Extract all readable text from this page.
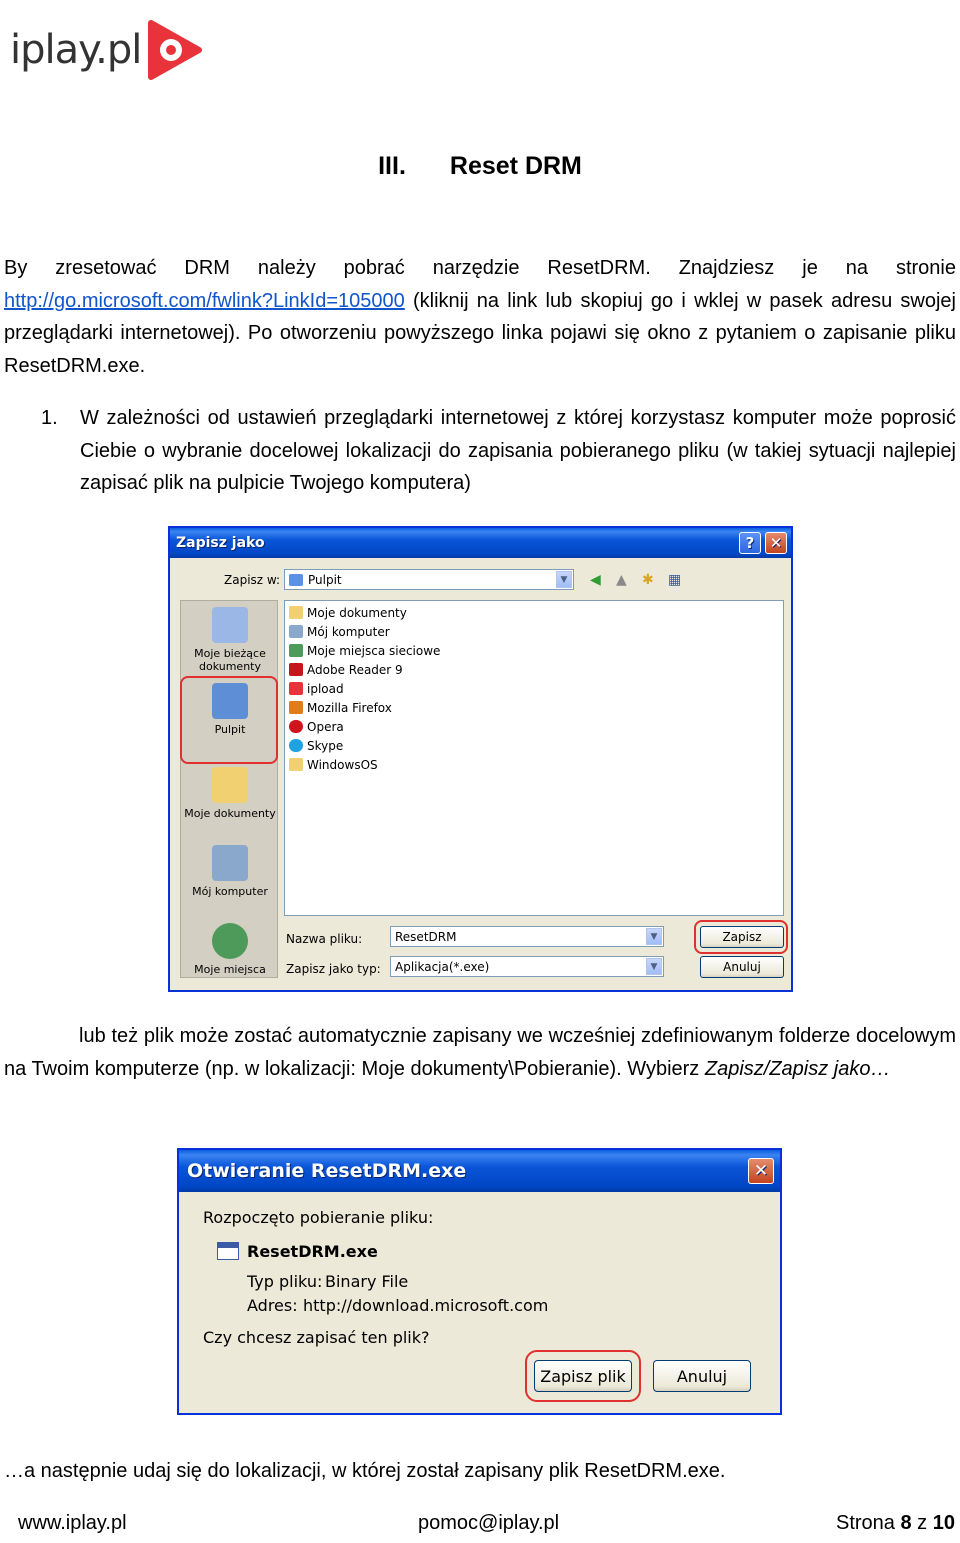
iplay.pl
III. Reset DRM
By zresetować DRM należy pobrać narzędzie ResetDRM. Znajdziesz je na stronie http://go.microsoft.com/fwlink?LinkId=105000 (kliknij na link lub skopiuj go i wklej w pasek adresu swojej przeglądarki internetowej). Po otworzeniu powyższego linka pojawi się okno z pytaniem o zapisanie pliku ResetDRM.exe.
1. W zależności od ustawień przeglądarki internetowej z której korzystasz komputer może poprosić Ciebie o wybranie docelowej lokalizacji do zapisania pobieranego pliku (w takiej sytuacji najlepiej zapisać plik na pulpicie Twojego komputera)
Zapisz jako	?	✕
Zapisz w: Pulpit	▼	◀ ▲ ✱ ▦
Moje bieżące dokumenty
Pulpit
Moje dokumenty
Mój komputer
Moje miejsca
Moje dokumenty
Mój komputer
Moje miejsca sieciowe
Adobe Reader 9
ipload
Mozilla Firefox
Opera
Skype
WindowsOS
Nazwa pliku:	ResetDRM	▼
Zapisz jako typ: Aplikacja(*.exe)	▼
Zapisz
Anuluj
lub też plik może zostać automatycznie zapisany we wcześniej zdefiniowanym folderze docelowym na Twoim komputerze (np. w lokalizacji: Moje dokumenty\Pobieranie). Wybierz Zapisz/Zapisz jako…
Otwieranie ResetDRM.exe	✕
Rozpoczęto pobieranie pliku:
ResetDRM.exe
Typ pliku: Binary File
Adres: http://download.microsoft.com
Czy chcesz zapisać ten plik?
Zapisz plik	Anuluj
…a następnie udaj się do lokalizacji, w której został zapisany plik ResetDRM.exe.
www.iplay.pl	pomoc@iplay.pl	Strona 8 z 10
